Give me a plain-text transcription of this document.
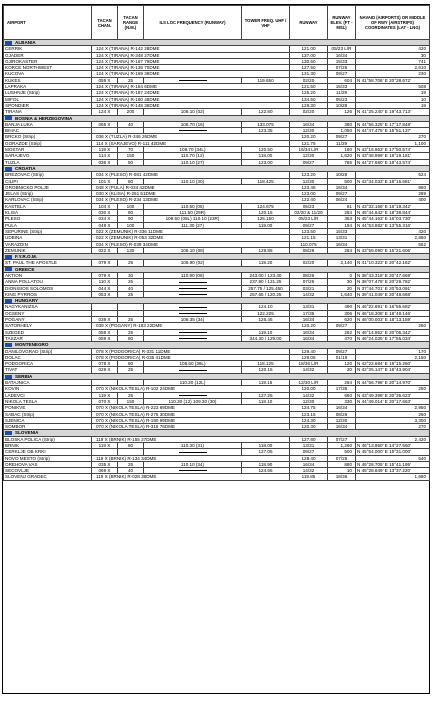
AIRPORT	TACAN CHAN.	TACAN RANGE (N.M.)	ILS LOC FREQUENCY (RUNWAY)	TOWER FREQ. UHF / VHF	RUNWAY	RUNWAY ELEV. (FT - MSL)	NAVAID (AIRPORTS) OR MIDDLE OF RWY (AIRSTRIPS) COORDINATES (LAT - LNG)	
ALBANIA								
CERRIK	124 X (TIRANA) R-142 28DME				121.00	05/23 L/R	420	
GJADER	124 X (TIRANA) R-348 27DME				137.00	16/34	30	
GJIROKASTER	124 X (TIRANA) R-167 79DME				130.60	15/33	741	
KORCE NORTHWEST	124 X (TIRANA) R-135 70DME				127.50	07/25	2,610	
KUCOVA	124 X (TIRANA) R-169 39DME				131.30	09/27	230	
KUKES	059 X	25		119.650	02/20	604	N 41°58.706' E 20°28.672'	
LAPRAKA	124 X (TIRANA) R-184 6DME				121.50	15/33	508	
LUSHNJE (Strip)	124 X (TIRANA) R-187 24DME				125.20	11/29	19	
MIFOL	124 X (TIRANA) R-180 48DME				134.50	05/23	10	
SPONDIER	124 X (TIRANA) R-148 36DME				128.30	10/28	19	
TIRANA	124 X	200	108.10 (02)	122.80	02/20	126	N 41°25.240' E 19°43.713'	
BOSNIA & HERZEGOVINA								
BANJA LUKA	065 X	40	108.70 (16)	133.075	16/34	380	N 44°56.325' E 17°17.848'	
BIHAC				123.35	12/30	1,050	N 44°47.475' E 15°51.137'	
BRCKO (Strip)	036 X (TUZLA) R-346 26DME				120.20	09/27	270	
GORAZDE (Strip)	114 X (SARAJEVO) R-111 42DME				121.75	11/29	1,100	
MOSTAR	119 X	70	108.70 (34L)	120.50	16/34 L/R	160	N 43°16.963' E 17°50.574'	
SARAJEVO	114 X	150	110.70 (12)	118.00	12/30	1,620	N 43°48.999' E 18°19.181'	
TUZLA	036 X	50	110.10 (27)	123.00	09/27	785	N 44°27.680' E 18°43.574'	
CROATIA								
BREZOVAC (Strip)	034 X (PLESO) R-081 42DME				123.20	10/28	524	
CILIPI	101 X	80	110.10 (30)	118.425	12/30	500	N 42°34.033' E 18°15.681'	
GROBNICKO POLJE	048 X (PULA) R-034 42DME				123.45	16/34	950	
JELAS (Strip)	030 X (KLISA) R-261 51DME				123.00	09/27	289	
KARLOVAC (Strip)	034 X (PLESO) R-234 13DME				122.40	06/24	400	
KASTELA	104 X	100	110.50 (05)	124.675	05/23	81	N 43°32.156' E 16°19.342'	
KLISA	030 X	80	111.50 (29R)	120.15	02/20 & 11/29	284	N 45°44.642' E 18°38.844'	
PLESO	034 X	90	109.50 (05L) 110.10 (23R)	125.150	05/23 L/R	353	N 45°44.163' E 16°03.730'	
PULA	048 X	100	111.30 (27)	119.00	09/27	194	N 44°53.882' E 13°55.316'	
SEPURINE (Strip)	022 X (ZEMUNIK) R-336 11DME				123.50	15/33	420	
UDBINA	022 X (ZEMUNIK) R-053 32DME				121.15	13/31	2,860	
VARAZDIN	034 X (PLESO) R-039 34DME				110.075	16/34	562	
ZEMUNIK	022 X	130	108.10 (08)	128.85	08/26	284	N 43°59.090' E 15°21.606'	
F.Y.R.O.M.								
ST. PAUL THE APOSTLE	079 X	25	108.90 (02)	119.20	02/20	2,140	N 41°10.323' E 20°42.162'	
GREECE								
AKTION	079 X	30	110.90 (08)	243.00 / 123.40	08/26	0	N 38°43.318' E 20°47.669'	
ANNA POLLATOU	110 X	25		237.90 / 121.25	07/25	30	N 38°07.478' E 20°29.782'	
DIONISIOS SOLOMOS	044 X	40		257.75 / 125.450	03/21	20	N 37°44.701' E 20°53.091'	
KING PYRROS	053 X	25		257.65 / 120.25	14/32	1,640	N 39°41.049' E 20°48.668'	
HUNGARY								
NAGYKANIZSA				124.10	13/31	490	N 46°22.891' E 16°55.682'	
OCSENY				122.225	17/35	306	N 46°18.308' E 18°46.146'	
POGANY	039 X	25	108.35 (34)	126.45	16/34	620	N 46°00.003' E 18°13.159'	
SATORHELY	039 X (POGANY) R-183 22DME				120.20	09/27	260	
SZEGED	058 X	25		119.10	16/34	262	N 46°14.952' E 20°05.342'	
TASZAR	059 X	80		344.30 / 129.00	16/34	470	N 46°24.035' E 17°55.034'	
MONTENEGRO								
DANILOVGRAD (Strip)	078 X (PODGORICA) R-331 11DME				129.40	09/27	170	
DOLAC	078 X (PODGORICA) R-035 41DME				129.05	01/19	2,150	
PODGORICA	078 X	80	108.60 (36L)	118.125	18/36 L/R	120	N 42°22.684' E 19°15.260'	
TIVAT	029 X	25		120.15	14/32	20	N 42°25.147' E 18°43.904'	
SERBIA								
BATAJNICA			110.20 (12L)	119.15	12/30 L/R	264	N 44°56.798' E 20°14.970'	
KOVIN	070 X (NIKOLA TESLA) R-102 24DME				120.00	17/35	250	
LADEVCI	119 X	25		127.25	14/32	660	N 43°49.398' E 20°35.623'	
NIKOLA TESLA	070 X	150	110.30 (12) 109.30 (30)	118.10	12/30	330	N 44°49.014' E 20°17.663'	
PONIKVE	070 X (NIKOLA TESLA) R-223 69DME				124.75	16/34	2,950	
SABAC (Strip)	070 X (NIKOLA TESLA) R-275 30DME				123.15	08/26	260	
SJENICA	070 X (NIKOLA TESLA) R-190 99DME				124.30	12/30	3,300	
SOMBOR	070 X (NIKOLA TESLA) R-315 76DME				120.30	16/34	270	
SLOVENIA								
BLOSKA POLICA (Strip)	119 X (BRNIK) R-155 27DME				127.80	07/27	2,420	
BRNIK	119 X	80	110.30 (31)	118.00	13/31	1,260	N 46°13.950' E 14°27.560'	
CERKLJE OB KRKI				127.05	09/27	500	N 45°54.000' E 15°31.000'	
NOVO MESTO (Strip)	119 X (BRNIK) R-134 34DME				128.40	07/25	540	
OREHOVA VAS	035 X	25	110.10 (34)	118.90	16/34	880	N 46°28.705' E 15°41.195'	
SECOVLJE	069 X	40		124.65	14/32	10	N 45°28.849' E 13°37.220'	
SLOVENJ GRADEC	119 X (BRNIK) R-028 38DME				119.85	18/36	1,680	
